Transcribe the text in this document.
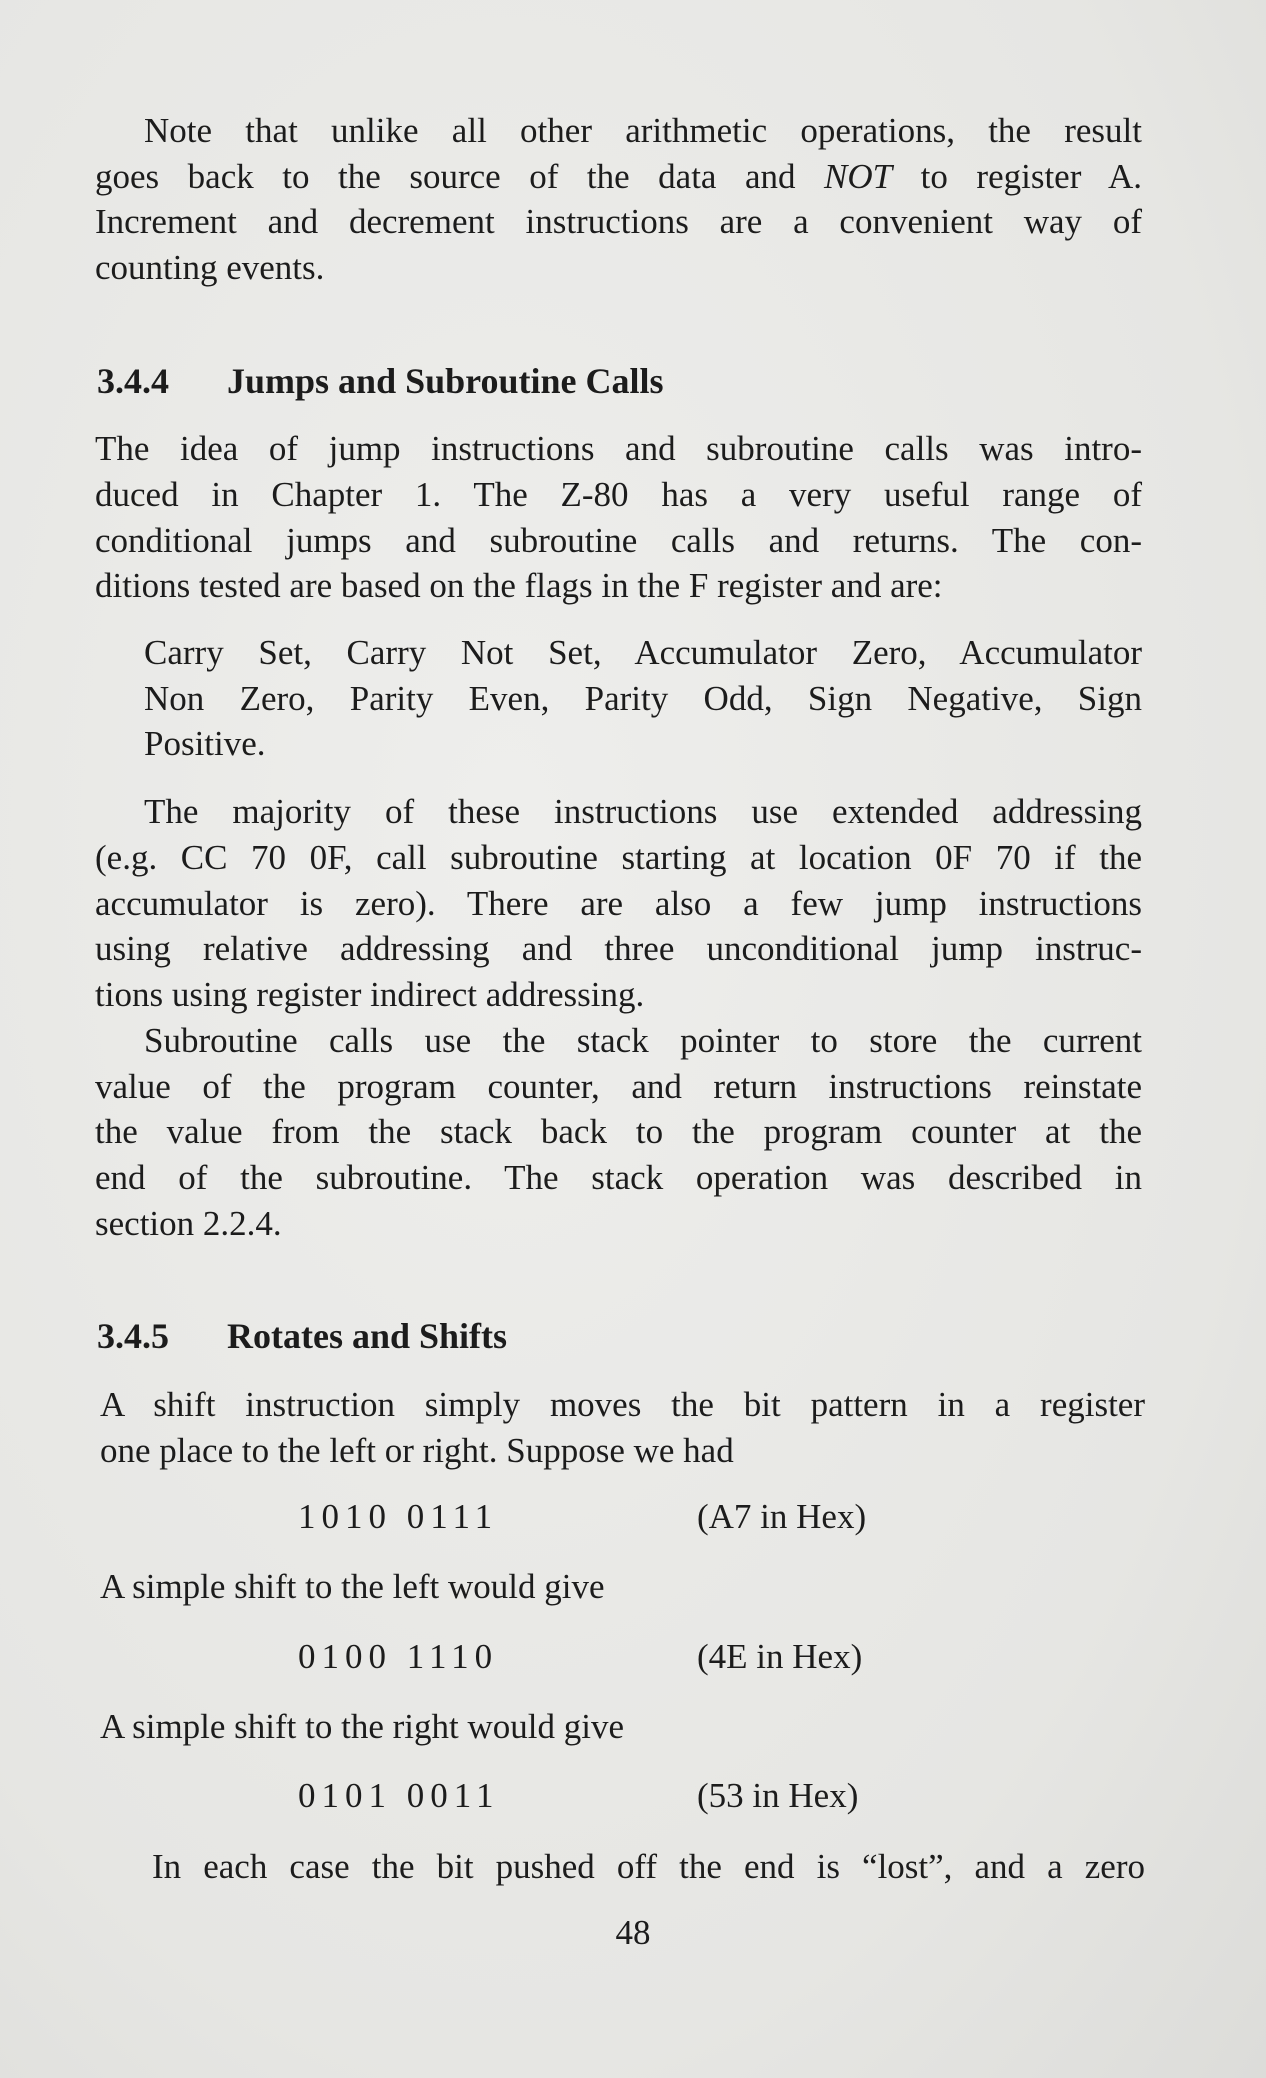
Note that unlike all other arithmetic operations, the result
goes back to the source of the data and NOT to register A.
Increment and decrement instructions are a convenient way of
counting events.
3.4.4 Jumps and Subroutine Calls
The idea of jump instructions and subroutine calls was intro-
duced in Chapter 1. The Z-80 has a very useful range of
conditional jumps and subroutine calls and returns. The con-
ditions tested are based on the flags in the F register and are:
Carry Set, Carry Not Set, Accumulator Zero, Accumulator
Non Zero, Parity Even, Parity Odd, Sign Negative, Sign
Positive.
The majority of these instructions use extended addressing
(e.g. CC 70 0F, call subroutine starting at location 0F 70 if the
accumulator is zero). There are also a few jump instructions
using relative addressing and three unconditional jump instruc-
tions using register indirect addressing.
Subroutine calls use the stack pointer to store the current
value of the program counter, and return instructions reinstate
the value from the stack back to the program counter at the
end of the subroutine. The stack operation was described in
section 2.2.4.
3.4.5 Rotates and Shifts
A shift instruction simply moves the bit pattern in a register
one place to the left or right. Suppose we had
1010 0111	(A7 in Hex)
A simple shift to the left would give
0100 1110	(4E in Hex)
A simple shift to the right would give
0101 0011	(53 in Hex)
In each case the bit pushed off the end is “lost”, and a zero
48
